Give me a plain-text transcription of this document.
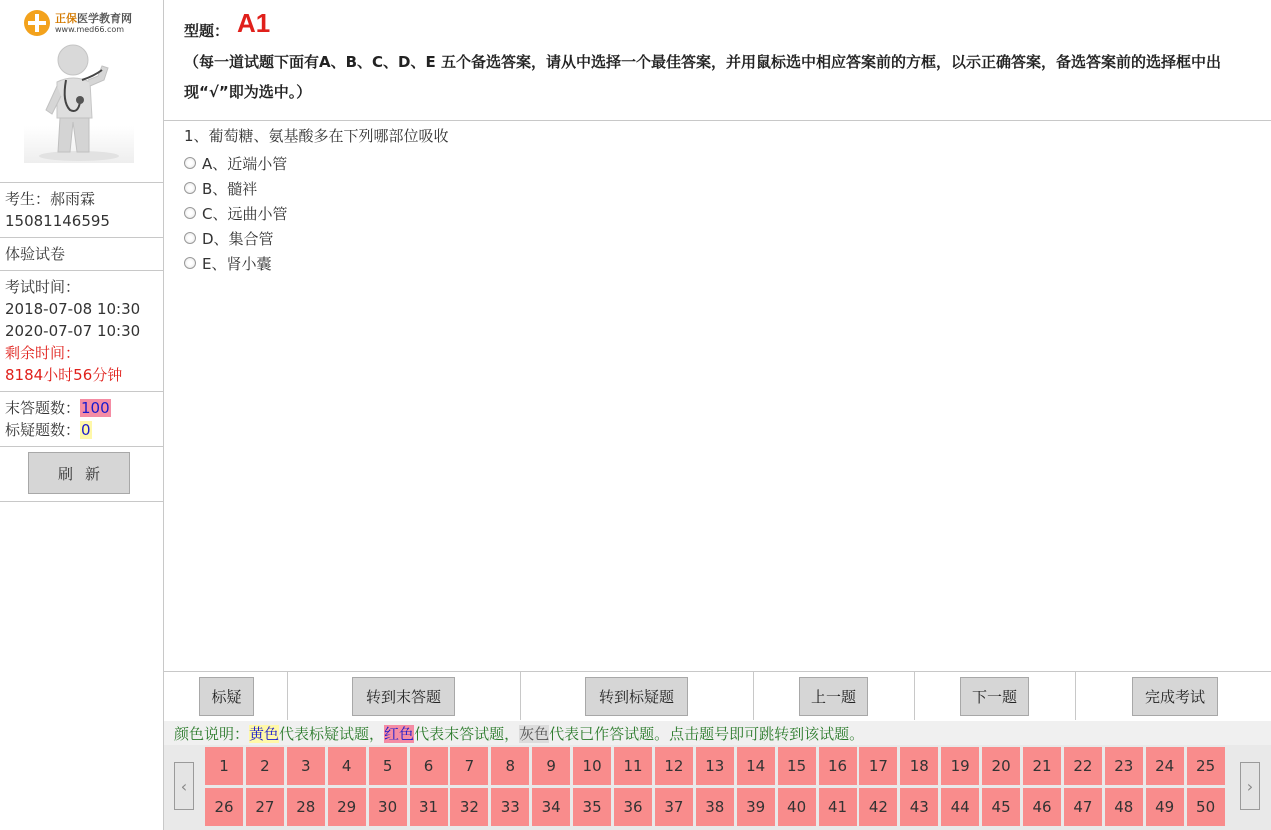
正保医学教育网
www.med66.com
考生：郝雨霖
15081146595
体验试卷
考试时间：
2018-07-08 10:30
2020-07-07 10:30
剩余时间：
8184小时56分钟
末答题数：100
标疑题数：0
刷新
型题： A1
（每一道试题下面有A、B、C、D、E 五个备选答案，请从中选择一个最佳答案，并用鼠标选中相应答案前的方框，以示正确答案，备选答案前的选择框中出现“√”即为选中。）
1、葡萄糖、氨基酸多在下列哪部位吸收
A、近端小管
B、髓袢
C、远曲小管
D、集合管
E、肾小囊
标疑	转到末答题	转到标疑题	上一题	下一题	完成考试
颜色说明：黄色代表标疑试题，红色代表末答试题，灰色代表已作答试题。点击题号即可跳转到该试题。
‹	›
1	2	3	4	5	6	7	8	9	10	11	12	13	14	15	16	17	18	19	20	21	22	23	24	25
26	27	28	29	30	31	32	33	34	35	36	37	38	39	40	41	42	43	44	45	46	47	48	49	50
